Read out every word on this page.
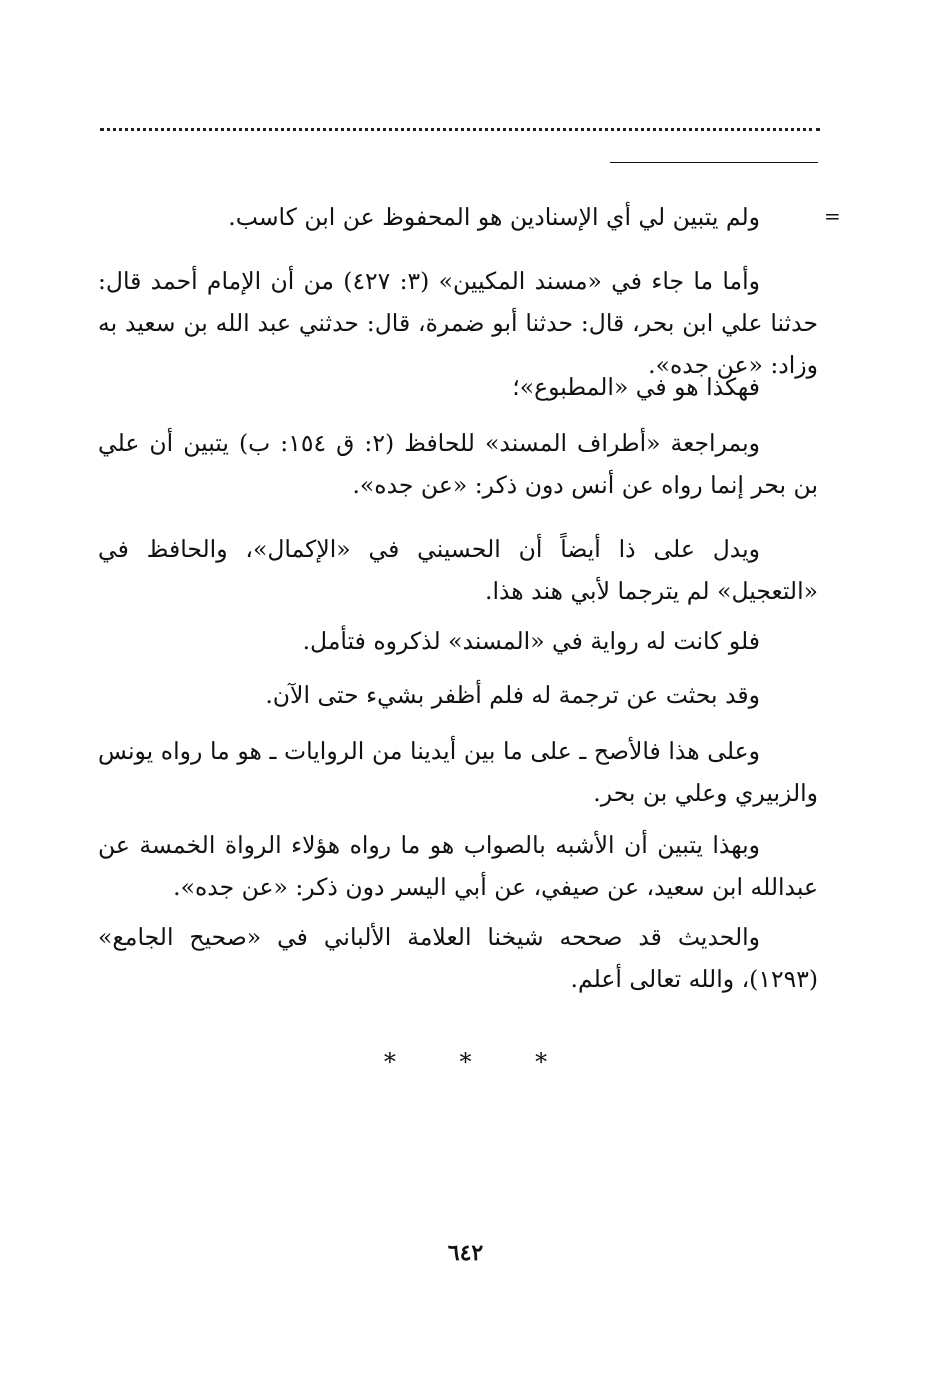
=

ولم يتبين لي أي الإسنادين هو المحفوظ عن ابن كاسب.

وأما ما جاء في «مسند المكيين» (٣: ٤٢٧) من أن الإمام أحمد قال: حدثنا علي ابن بحر، قال: حدثنا أبو ضمرة، قال: حدثني عبد الله بن سعيد به وزاد: «عن جده».

فهكذا هو في «المطبوع»؛

وبمراجعة «أطراف المسند» للحافظ (٢: ق ١٥٤: ب) يتبين أن علي بن بحر إنما رواه عن أنس دون ذكر: «عن جده».

ويدل على ذا أيضاً أن الحسيني في «الإكمال»، والحافظ في «التعجيل» لم يترجما لأبي هند هذا.

فلو كانت له رواية في «المسند» لذكروه فتأمل.

وقد بحثت عن ترجمة له فلم أظفر بشيء حتى الآن.

وعلى هذا فالأصح ـ على ما بين أيدينا من الروايات ـ هو ما رواه يونس والزبيري وعلي بن بحر.

وبهذا يتبين أن الأشبه بالصواب هو ما رواه هؤلاء الرواة الخمسة عن عبدالله ابن سعيد، عن صيفي، عن أبي اليسر دون ذكر: «عن جده».

والحديث قد صححه شيخنا العلامة الألباني في «صحيح الجامع» (١٢٩٣)، والله تعالى أعلم.

*	*	*
٦٤٢
